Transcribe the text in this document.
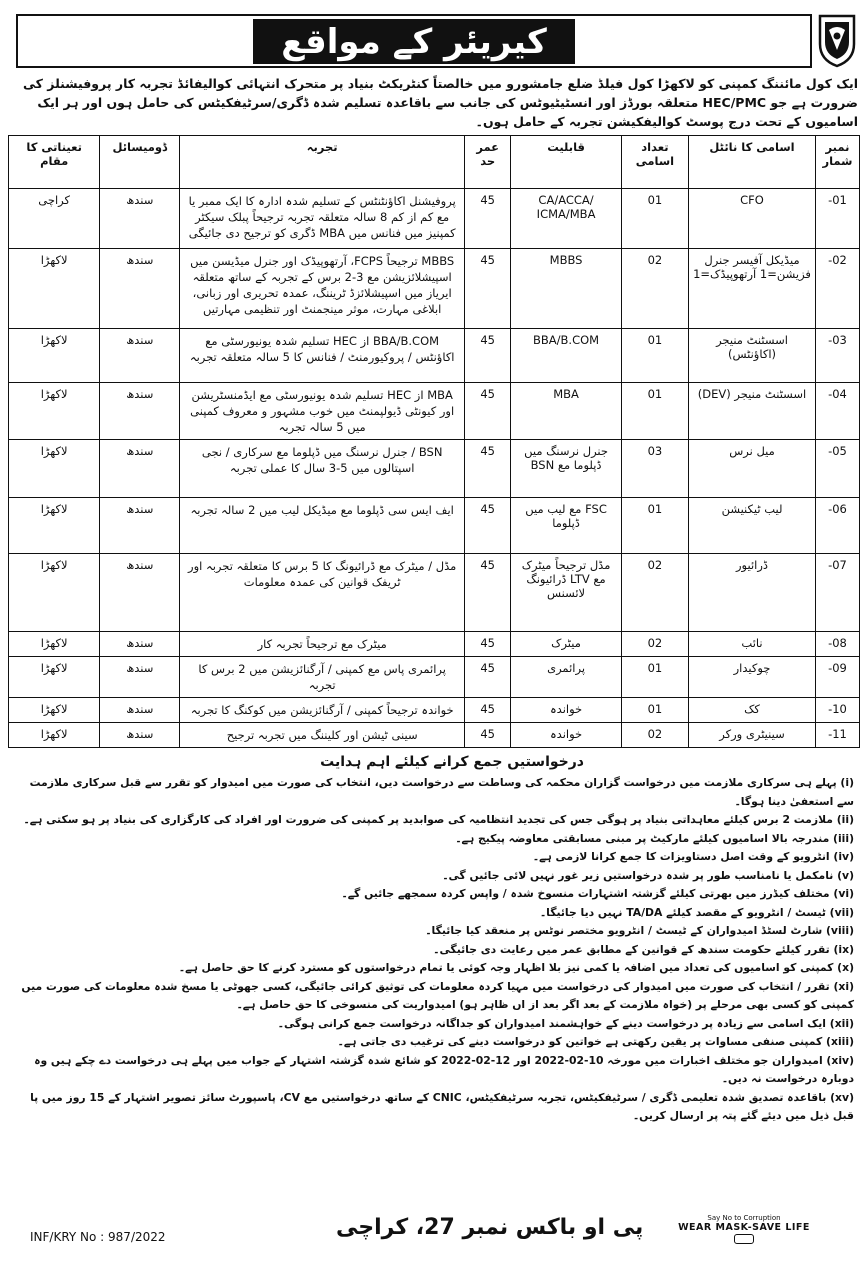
کیریئر کے مواقع
ایک کول مائننگ کمپنی کو لاکھڑا کول فیلڈ ضلع جامشورو میں خالصتاً کنٹریکٹ بنیاد پر متحرک انتہائی کوالیفائڈ تجربہ کار پروفیشنلز کی ضرورت ہے جو HEC/PMC متعلقہ بورڈز اور انسٹیٹیوٹس کی جانب سے باقاعدہ تسلیم شدہ ڈگری/سرٹیفکیٹس کی حامل ہوں اور ہر ایک اسامیوں کے تحت درج پوسٹ کوالیفکیشن تجربہ کے حامل ہوں۔
نمبر شمار	اسامی کا نائٹل	تعداد اسامی	قابلیت	عمر حد	تجربہ	ڈومیسائل	تعیناتی کا مقام
-01	CFO	01	CA/ACCA/ ICMA/MBA	45	پروفیشنل اکاؤنٹنٹس کے تسلیم شدہ ادارہ کا ایک ممبر یا مع کم از کم 8 سالہ متعلقہ تجربہ ترجیحاً پبلک سیکٹر کمپنیز میں فنانس میں MBA ڈگری کو ترجیح دی جائیگی	سندھ	کراچی
-02	میڈیکل آفیسر جنرل فزیشن=1 آرتھوپیڈک=1	02	MBBS	45	MBBS ترجیحاً FCPS، آرتھوپیڈک اور جنرل میڈیسن میں اسپیشلائزیشن مع 3-2 برس کے تجربہ کے ساتھ متعلقہ ایریاز میں اسپیشلائزڈ ٹریننگ، عمدہ تحریری اور زبانی، ابلاغی مہارت، موثر مینجمنٹ اور تنظیمی مہارتیں	سندھ	لاکھڑا
-03	اسسٹنٹ منیجر (اکاؤنٹس)	01	BBA/B.COM	45	BBA/B.COM از HEC تسلیم شدہ یونیورسٹی مع اکاؤنٹس / پروکیورمنٹ / فنانس کا 5 سالہ متعلقہ تجربہ	سندھ	لاکھڑا
-04	اسسٹنٹ منیجر (DEV)	01	MBA	45	MBA از HEC تسلیم شدہ یونیورسٹی مع ایڈمنسٹریشن اور کیونٹی ڈیولپمنٹ میں خوب مشہور و معروف کمپنی میں 5 سالہ تجربہ	سندھ	لاکھڑا
-05	میل نرس	03	جنرل نرسنگ میں ڈپلوما مع BSN	45	BSN / جنرل نرسنگ میں ڈپلوما مع سرکاری / نجی اسپتالوں میں 5-3 سال کا عملی تجربہ	سندھ	لاکھڑا
-06	لیب ٹیکنیشن	01	FSC مع لیب میں ڈپلوما	45	ایف ایس سی ڈپلوما مع میڈیکل لیب میں 2 سالہ تجربہ	سندھ	لاکھڑا
-07	ڈرائیور	02	مڈل ترجیحاً میٹرک مع LTV ڈرائیونگ لائسنس	45	مڈل / میٹرک مع ڈرائیونگ کا 5 برس کا متعلقہ تجربہ اور ٹریفک قوانین کی عمدہ معلومات	سندھ	لاکھڑا
-08	نائب	02	میٹرک	45	میٹرک مع ترجیحاً تجربہ کار	سندھ	لاکھڑا
-09	چوکیدار	01	پرائمری	45	پرائمری پاس مع کمپنی / آرگنائزیشن میں 2 برس کا تجربہ	سندھ	لاکھڑا
-10	کک	01	خواندہ	45	خواندہ ترجیحاً کمپنی / آرگنائزیشن میں کوکنگ کا تجربہ	سندھ	لاکھڑا
-11	سینیٹری ورکر	02	خواندہ	45	سینی ٹیشن اور کلیننگ میں تجربہ ترجیح	سندھ	لاکھڑا
درخواستیں جمع کرانے کیلئے اہم ہدایت

(i) پہلے ہی سرکاری ملازمت میں درخواست گزاران محکمہ کی وساطت سے درخواست دیں، انتخاب کی صورت میں امیدوار کو تقرر سے قبل سرکاری ملازمت سے استعفیٰ دینا ہوگا۔

(ii) ملازمت 2 برس کیلئے معاہداتی بنیاد پر ہوگی جس کی تجدید انتظامیہ کی صوابدید پر کمپنی کی ضرورت اور افراد کی کارگزاری کی بنیاد پر ہو سکتی ہے۔

(iii) مندرجہ بالا اسامیوں کیلئے مارکیٹ پر مبنی مسابقتی معاوضہ پیکیج ہے۔

(iv) انٹرویو کے وقت اصل دستاویزات کا جمع کرانا لازمی ہے۔

(v) نامکمل یا نامناسب طور پر شدہ درخواستیں زیر غور نہیں لائی جائیں گی۔

(vi) مختلف کیڈرز میں بھرتی کیلئے گزشتہ اشتہارات منسوخ شدہ / واپس کردہ سمجھے جائیں گے۔

(vii) ٹیسٹ / انٹرویو کے مقصد کیلئے TA/DA نہیں دیا جائیگا۔

(viii) شارٹ لسٹڈ امیدواران کے ٹیسٹ / انٹرویو مختصر نوٹس پر منعقد کیا جائیگا۔

(ix) تقرر کیلئے حکومت سندھ کے قوانین کے مطابق عمر میں رعایت دی جائیگی۔

(x) کمپنی کو اسامیوں کی تعداد میں اضافہ یا کمی نیز بلا اظہار وجہ کوئی یا تمام درخواستوں کو مسترد کرنے کا حق حاصل ہے۔

(xi) تقرر / انتخاب کی صورت میں امیدوار کی درخواست میں مہیا کردہ معلومات کی توثیق کرائی جائیگی، کسی جھوٹی یا مسخ شدہ معلومات کی صورت میں کمپنی کو کسی بھی مرحلے پر (خواہ ملازمت کے بعد اگر بعد از اں ظاہر ہو) امیدواریت کی منسوخی کا حق حاصل ہے۔

(xii) ایک اسامی سے زیادہ پر درخواست دینے کے خواہشمند امیدواران کو جداگانہ درخواست جمع کرانی ہوگی۔

(xiii) کمپنی صنفی مساوات پر یقین رکھتی ہے خواتین کو درخواست دینے کی ترغیب دی جاتی ہے۔

(xiv) امیدواران جو مختلف اخبارات میں مورخہ 10-02-2022 اور 12-02-2022 کو شائع شدہ گزشتہ اشتہار کے جواب میں پہلے ہی درخواست دے چکے ہیں وہ دوبارہ درخواست نہ دیں۔

(xv) باقاعدہ تصدیق شدہ تعلیمی ڈگری / سرٹیفکیٹس، تجربہ سرٹیفکیٹس، CNIC کے ساتھ درخواستیں مع CV، پاسپورٹ سائز تصویر اشتہار کے 15 روز میں پا قبل ذیل میں دیئے گئے پتہ پر ارسال کریں۔

INF/KRY No : 987/2022	پی او باکس نمبر 27، کراچی	Say No to Corruption
WEAR MASK-SAVE LIFE
